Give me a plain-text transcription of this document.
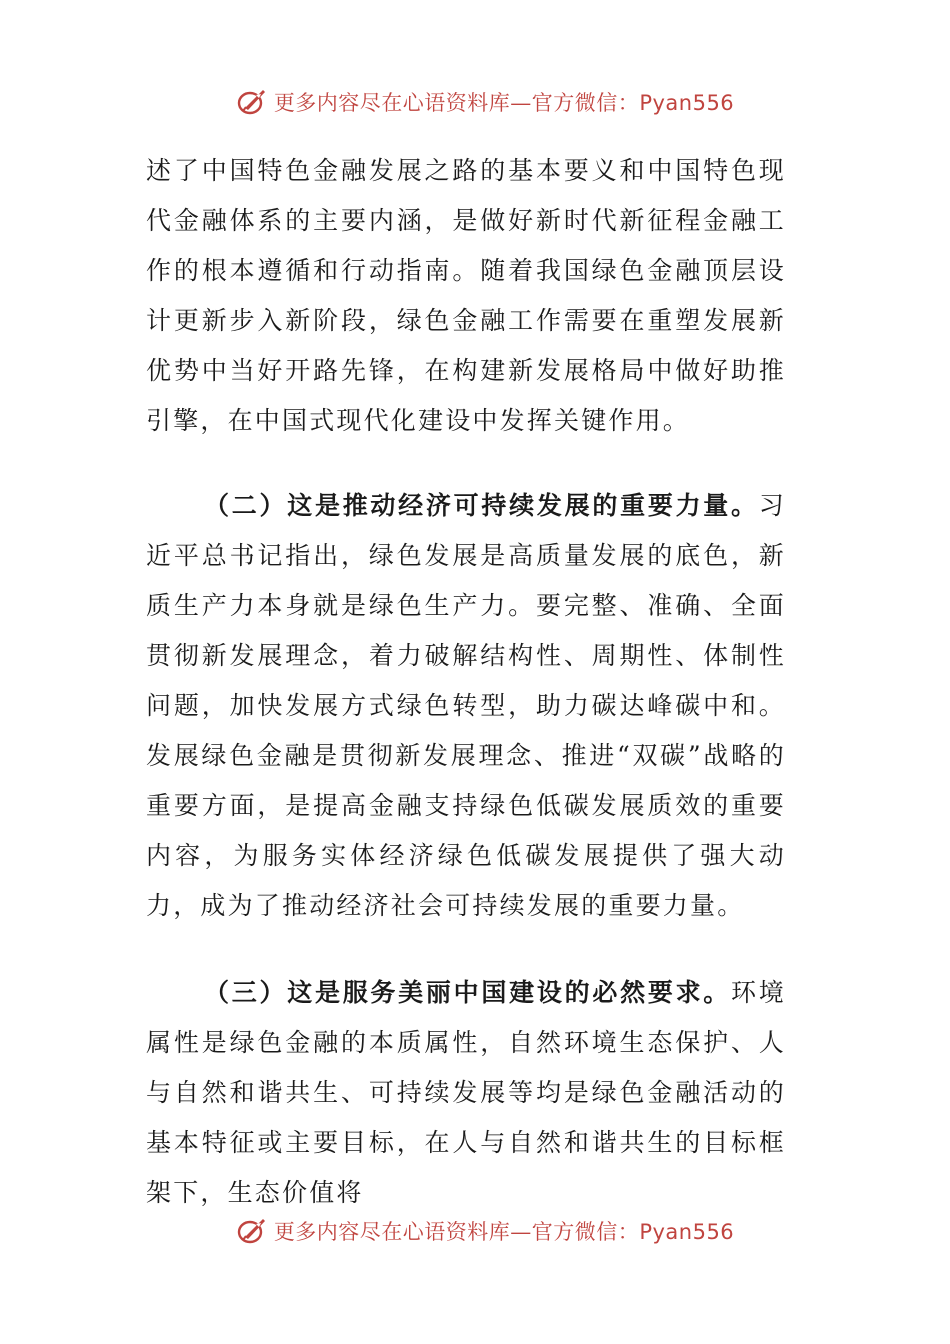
更多内容尽在心语资料库—官方微信：Pyan556

述了中国特色金融发展之路的基本要义和中国特色现代金融体系的主要内涵，是做好新时代新征程金融工作的根本遵循和行动指南。随着我国绿色金融顶层设计更新步入新阶段，绿色金融工作需要在重塑发展新优势中当好开路先锋，在构建新发展格局中做好助推引擎，在中国式现代化建设中发挥关键作用。

（二）这是推动经济可持续发展的重要力量。习近平总书记指出，绿色发展是高质量发展的底色，新质生产力本身就是绿色生产力。要完整、准确、全面贯彻新发展理念，着力破解结构性、周期性、体制性问题，加快发展方式绿色转型，助力碳达峰碳中和。发展绿色金融是贯彻新发展理念、推进“双碳”战略的重要方面，是提高金融支持绿色低碳发展质效的重要内容，为服务实体经济绿色低碳发展提供了强大动力，成为了推动经济社会可持续发展的重要力量。

（三）这是服务美丽中国建设的必然要求。环境属性是绿色金融的本质属性，自然环境生态保护、人与自然和谐共生、可持续发展等均是绿色金融活动的基本特征或主要目标，在人与自然和谐共生的目标框架下，生态价值将

更多内容尽在心语资料库—官方微信：Pyan556
